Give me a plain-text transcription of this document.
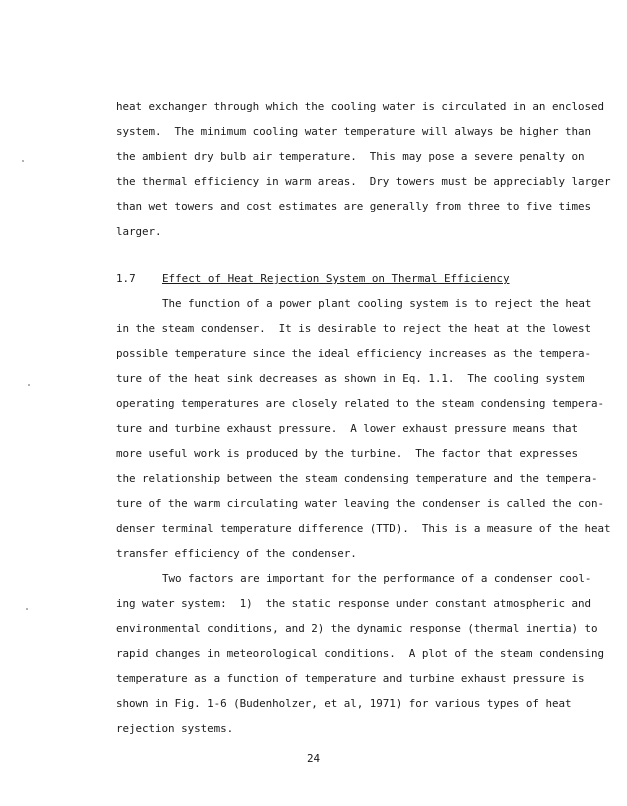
heat exchanger through which the cooling water is circulated in an enclosed
system.  The minimum cooling water temperature will always be higher than
the ambient dry bulb air temperature.  This may pose a severe penalty on
the thermal efficiency in warm areas.  Dry towers must be appreciably larger
than wet towers and cost estimates are generally from three to five times
larger.
1.7 Effect of Heat Rejection System on Thermal Efficiency
The function of a power plant cooling system is to reject the heat
in the steam condenser.  It is desirable to reject the heat at the lowest
possible temperature since the ideal efficiency increases as the tempera-
ture of the heat sink decreases as shown in Eq. 1.1.  The cooling system
operating temperatures are closely related to the steam condensing tempera-
ture and turbine exhaust pressure.  A lower exhaust pressure means that
more useful work is produced by the turbine.  The factor that expresses
the relationship between the steam condensing temperature and the tempera-
ture of the warm circulating water leaving the condenser is called the con-
denser terminal temperature difference (TTD).  This is a measure of the heat
transfer efficiency of the condenser.
Two factors are important for the performance of a condenser cool-
ing water system:  1)  the static response under constant atmospheric and
environmental conditions, and 2) the dynamic response (thermal inertia) to
rapid changes in meteorological conditions.  A plot of the steam condensing
temperature as a function of temperature and turbine exhaust pressure is
shown in Fig. 1-6 (Budenholzer, et al, 1971) for various types of heat
rejection systems.
24
